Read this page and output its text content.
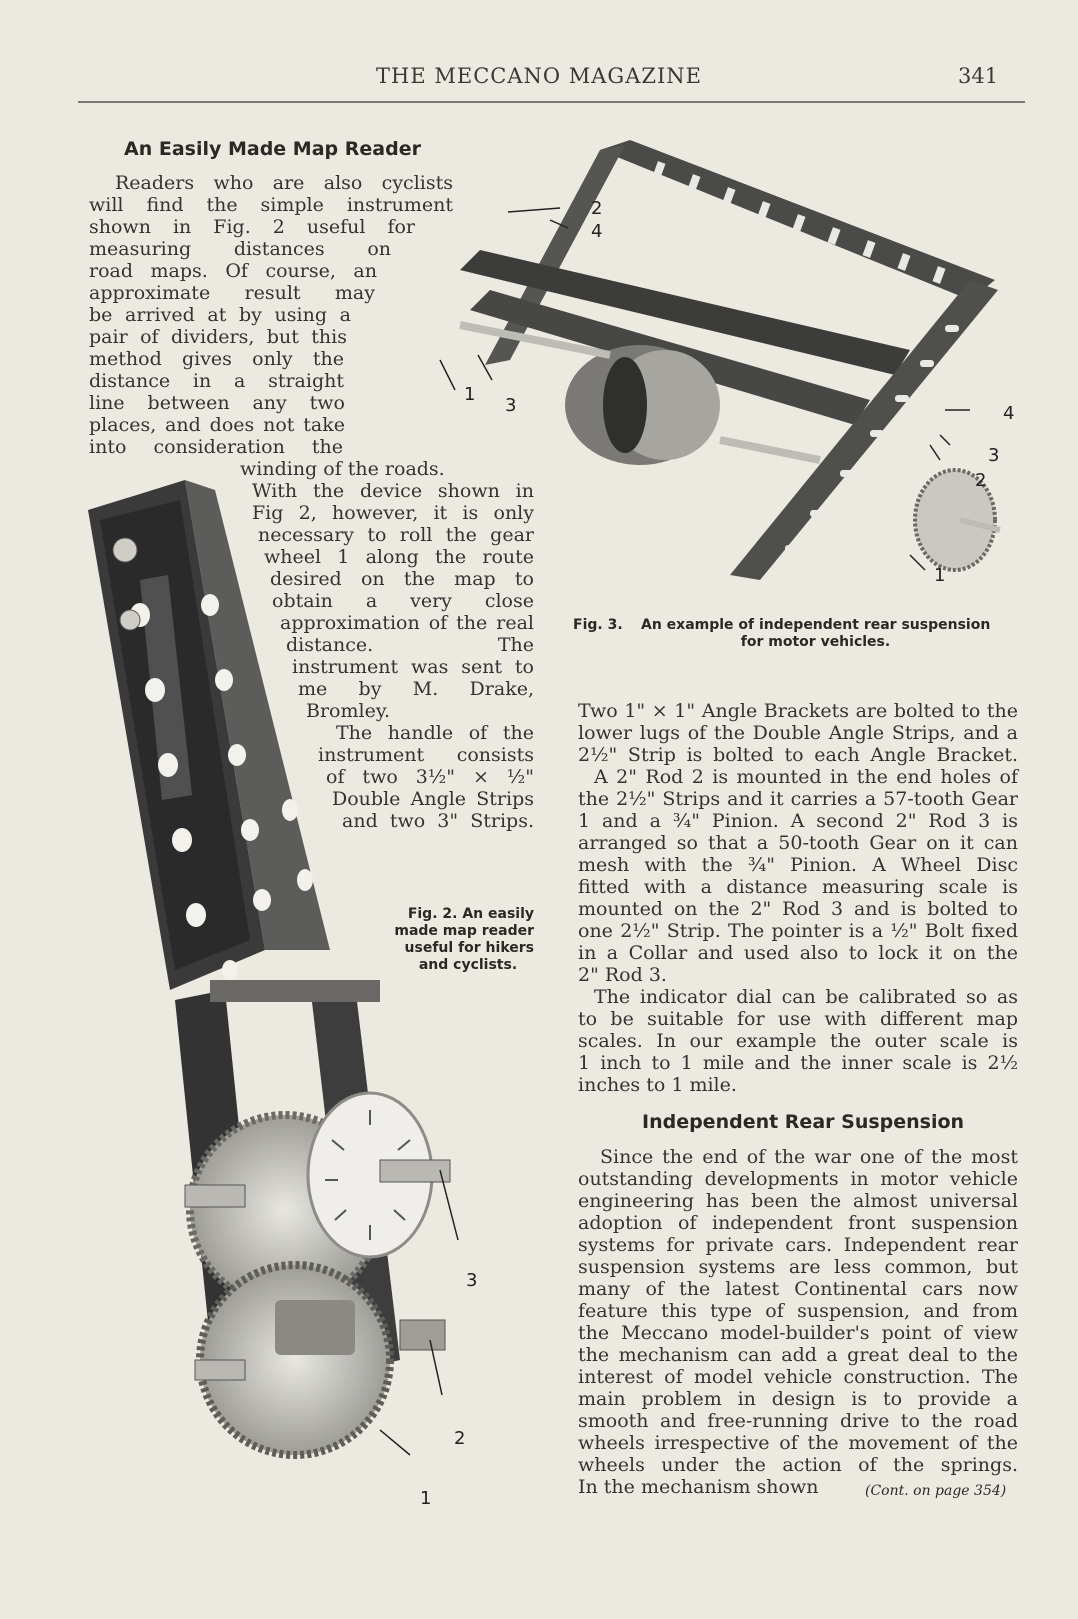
THE MECCANO MAGAZINE	341
An Easily Made Map Reader
Readers who are also cyclists
will find the simple instrument
shown in Fig. 2 useful for
measuring distances on
road maps. Of course, an
approximate result may
be arrived at by using a
pair of dividers, but this
method gives only the
distance in a straight
line between any two
places, and does not take
into consideration the
winding of the roads.
With the device shown in
Fig 2, however, it is only
necessary to roll the gear
wheel 1 along the route
desired on the map to
obtain a very close
approximation of the real
distance. The
instrument was sent to
me by M. Drake,
Bromley.
The handle of the
instrument consists
of two 3½" × ½"
Double Angle Strips
and two 3" Strips.
3
2
1
Fig. 2. An easily
made map reader
useful for hikers
and cyclists.
2
4
1
3	4
3
2
1
Fig. 3.	An example of independent rear suspension
for motor vehicles.
Two 1" × 1" Angle Brackets are bolted to the
lower lugs of the Double Angle Strips, and a
2½" Strip is bolted to each Angle Bracket.
A 2" Rod 2 is mounted in the end holes of
the 2½" Strips and it carries a 57-tooth Gear
1 and a ¾" Pinion. A second 2" Rod 3 is
arranged so that a 50-tooth Gear on it can
mesh with the ¾" Pinion. A Wheel Disc
fitted with a distance measuring scale is
mounted on the 2" Rod 3 and is bolted to
one 2½" Strip. The pointer is a ½" Bolt fixed
in a Collar and used also to lock it on the
2" Rod 3.
The indicator dial can be calibrated so as
to be suitable for use with different map
scales. In our example the outer scale is
1 inch to 1 mile and the inner scale is 2½
inches to 1 mile.
Independent Rear Suspension
Since the end of the war one of the most
outstanding developments in motor vehicle
engineering has been the almost universal
adoption of independent front suspension
systems for private cars. Independent rear
suspension systems are less common, but
many of the latest Continental cars now
feature this type of suspension, and from
the Meccano model-builder's point of view
the mechanism can add a great deal to the
interest of model vehicle construction. The
main problem in design is to provide a
smooth and free-running drive to the road
wheels irrespective of the movement of the
wheels under the action of the springs.
In the mechanism shown	(Cont. on page 354)
